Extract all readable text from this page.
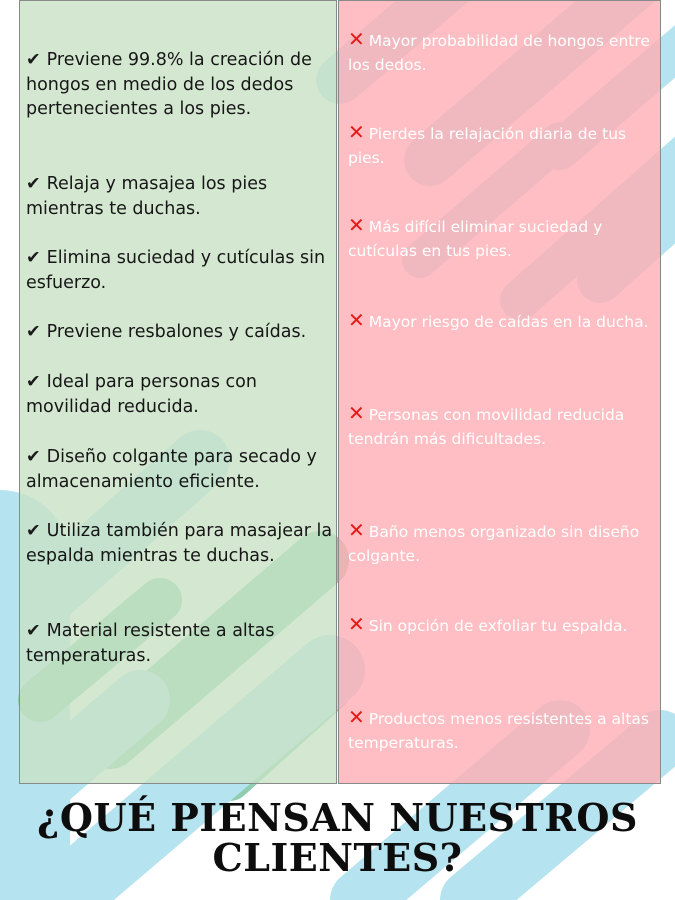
✔ Previene 99.8% la creación de hongos en medio de los dedos pertenecientes a los pies.
✔ Relaja y masajea los pies mientras te duchas.
✔ Elimina suciedad y cutículas sin esfuerzo.
✔ Previene resbalones y caídas.
✔ Ideal para personas con movilidad reducida.
✔ Diseño colgante para secado y almacenamiento eficiente.
✔ Utiliza también para masajear la espalda mientras te duchas.
✔ Material resistente a altas temperaturas.
✕ Mayor probabilidad de hongos entre los dedos.
✕ Pierdes la relajación diaria de tus pies.
✕ Más difícil eliminar suciedad y cutículas en tus pies.
✕ Mayor riesgo de caídas en la ducha.
✕ Personas con movilidad reducida tendrán más dificultades.
✕ Baño menos organizado sin diseño colgante.
✕ Sin opción de exfoliar tu espalda.
✕ Productos menos resistentes a altas temperaturas.
¿QUÉ PIENSAN NUESTROS CLIENTES?
